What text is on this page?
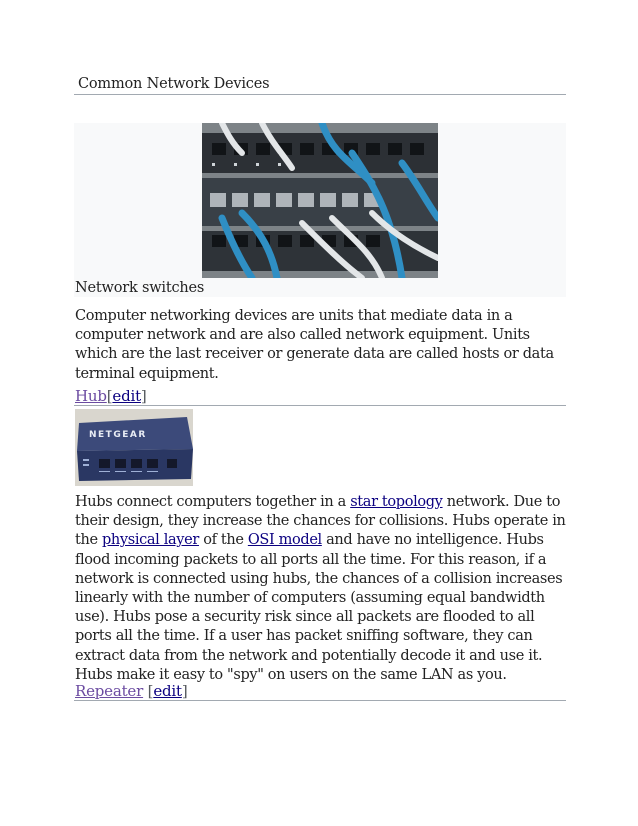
Common Network Devices
Network switches

Computer networking devices are units that mediate data in a computer network and are also called network equipment. Units which are the last receiver or generate data are called hosts or data terminal equipment.

Hub[edit]
NETGEAR

Hubs connect computers together in a star topology network. Due to their design, they increase the chances for collisions. Hubs operate in the physical layer of the OSI model and have no intelligence. Hubs flood incoming packets to all ports all the time. For this reason, if a network is connected using hubs, the chances of a collision increases linearly with the number of computers (assuming equal bandwidth use). Hubs pose a security risk since all packets are flooded to all ports all the time. If a user has packet sniffing software, they can extract data from the network and potentially decode it and use it. Hubs make it easy to "spy" on users on the same LAN as you.

Repeater [edit]
